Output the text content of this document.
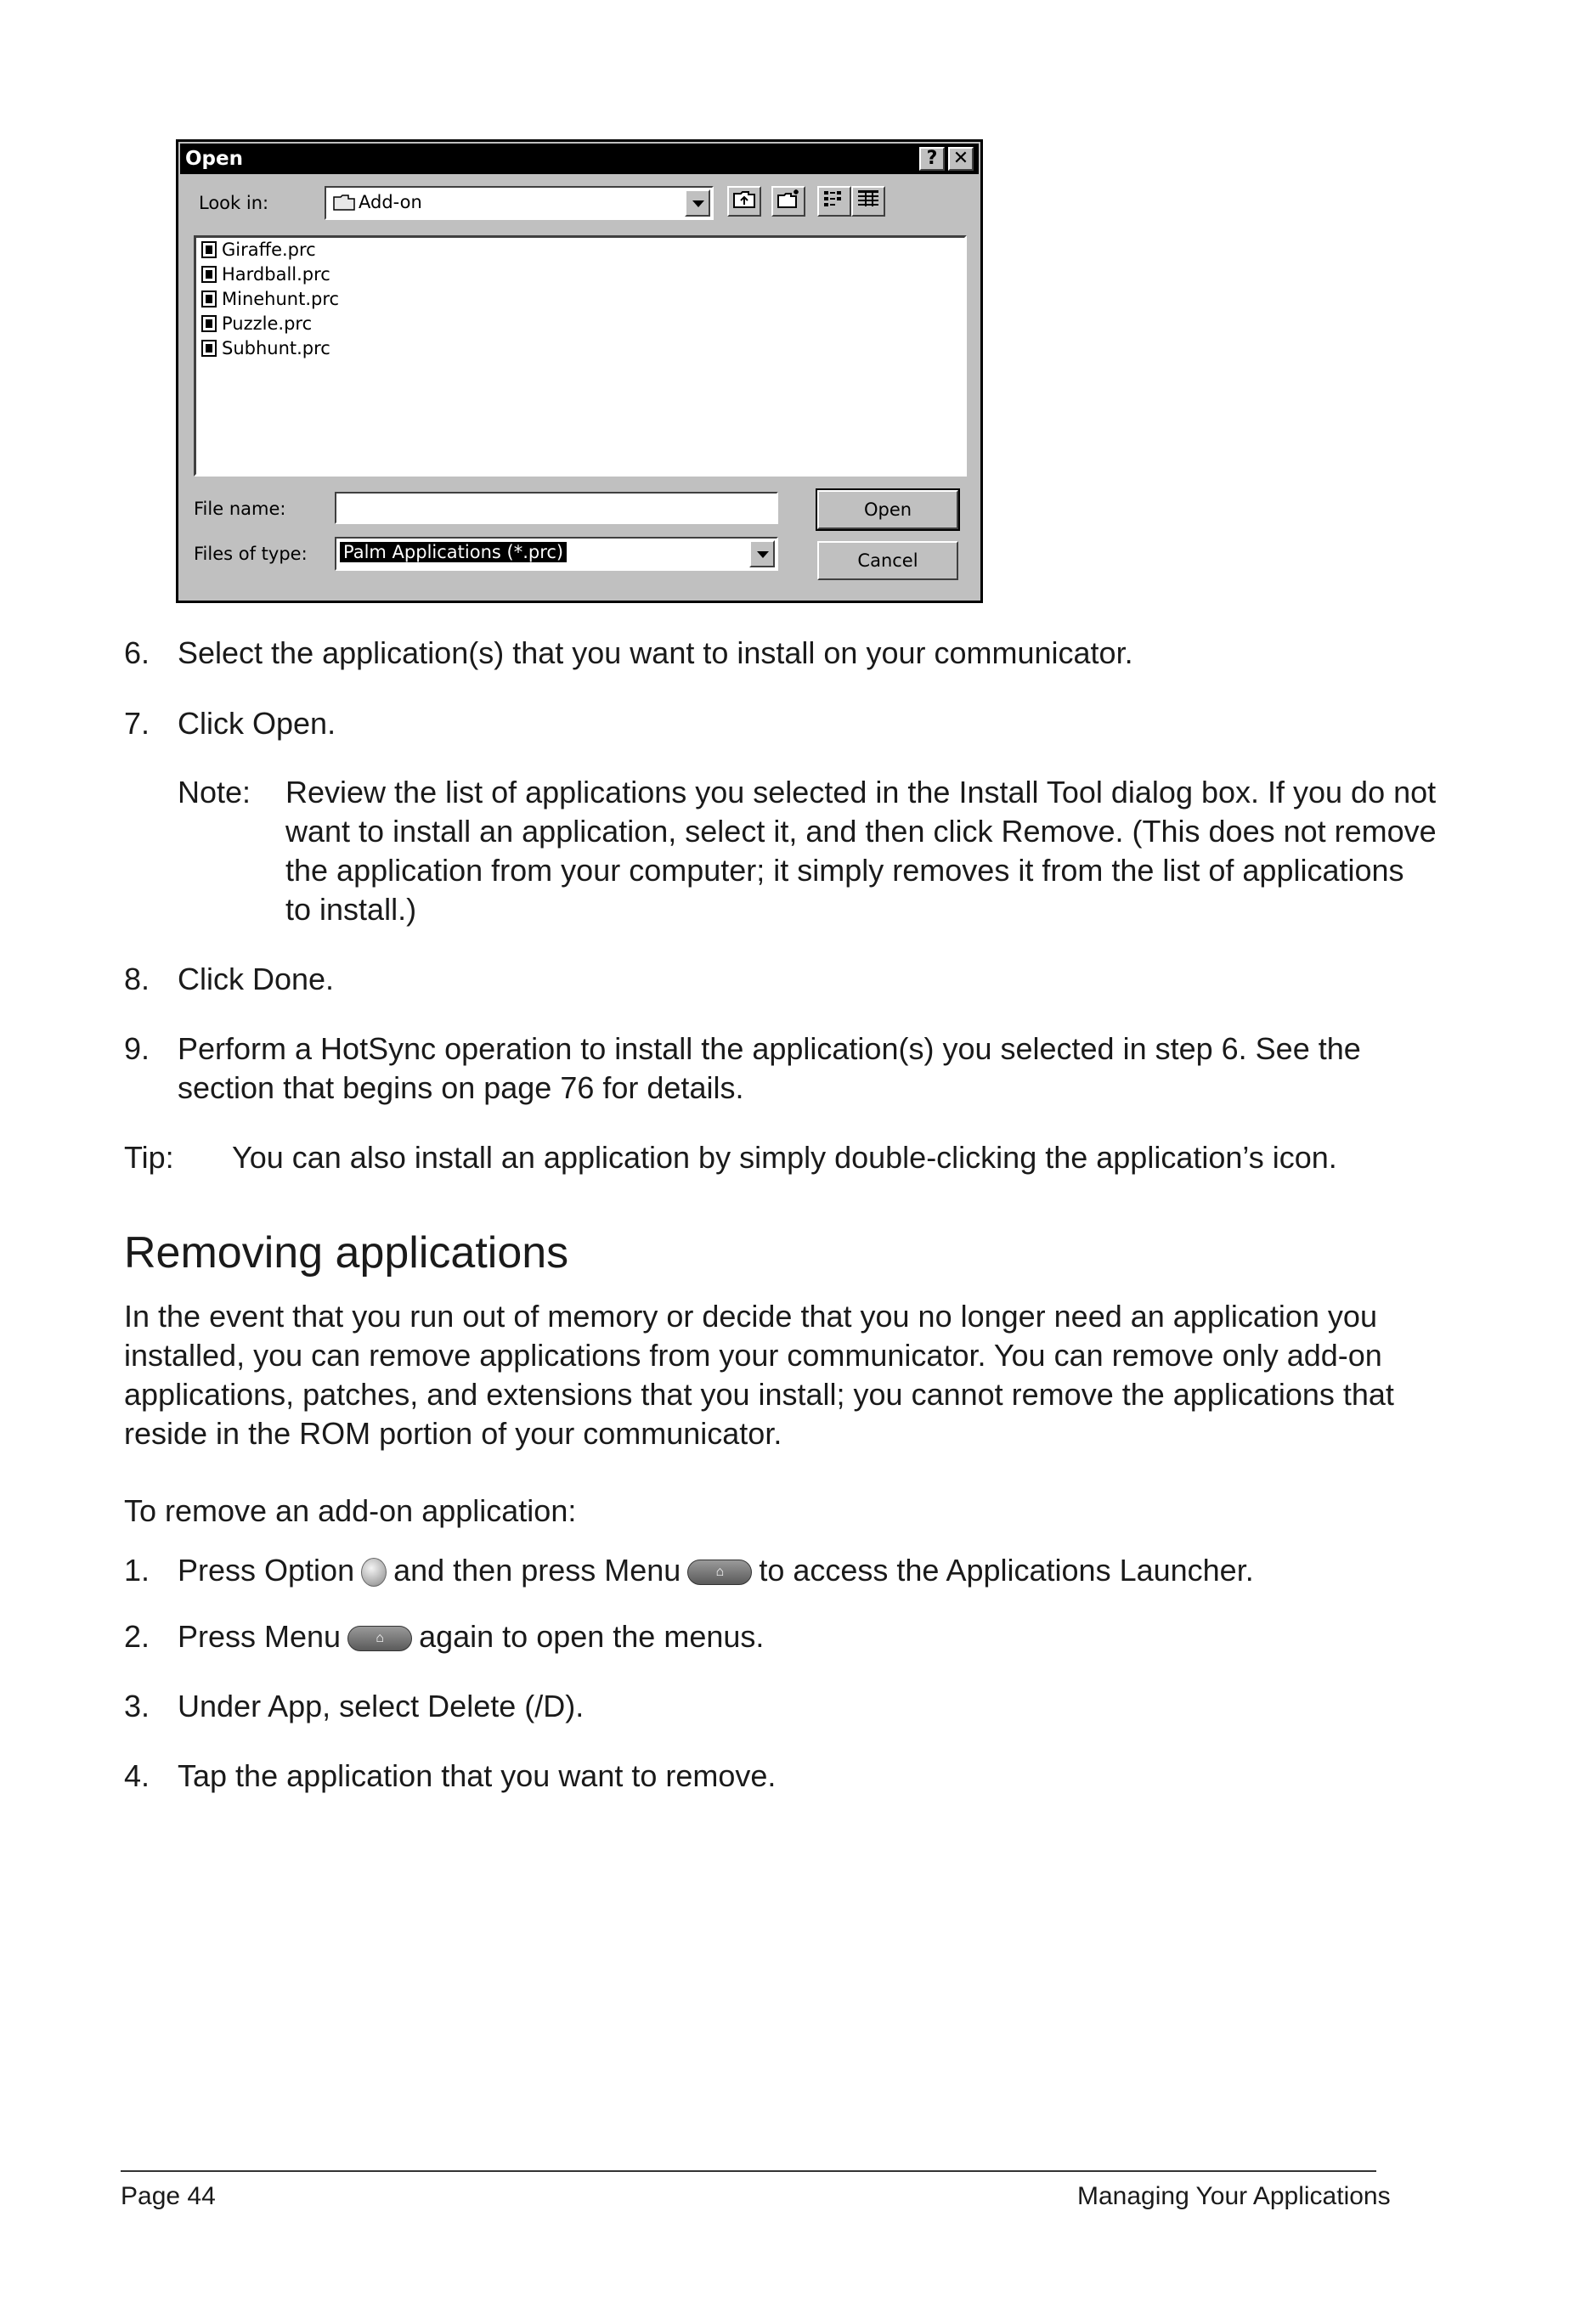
Open	? ✕
Look in:	Add-on
Giraffe.prc
Hardball.prc
Minehunt.prc
Puzzle.prc
Subhunt.prc
File name:
Files of type: Palm Applications (*.prc)
Open
Cancel
6. Select the application(s) that you want to install on your communicator.
7. Click Open.
Note: Review the list of applications you selected in the Install Tool dialog box. If you do not
want to install an application, select it, and then click Remove. (This does not remove
the application from your computer; it simply removes it from the list of applications
to install.)
8. Click Done.
9. Perform a HotSync operation to install the application(s) you selected in step 6. See the
section that begins on page 76 for details.
Tip: You can also install an application by simply double-clicking the application’s icon.
Removing applications
In the event that you run out of memory or decide that you no longer need an application you
installed, you can remove applications from your communicator. You can remove only add-on
applications, patches, and extensions that you install; you cannot remove the applications that
reside in the ROM portion of your communicator.
To remove an add-on application:
1. Press Option and then press Menu	⌂ to access the Applications Launcher.
2. Press Menu	⌂ again to open the menus.
3. Under App, select Delete (/D).
4. Tap the application that you want to remove.
Page 44	Managing Your Applications
